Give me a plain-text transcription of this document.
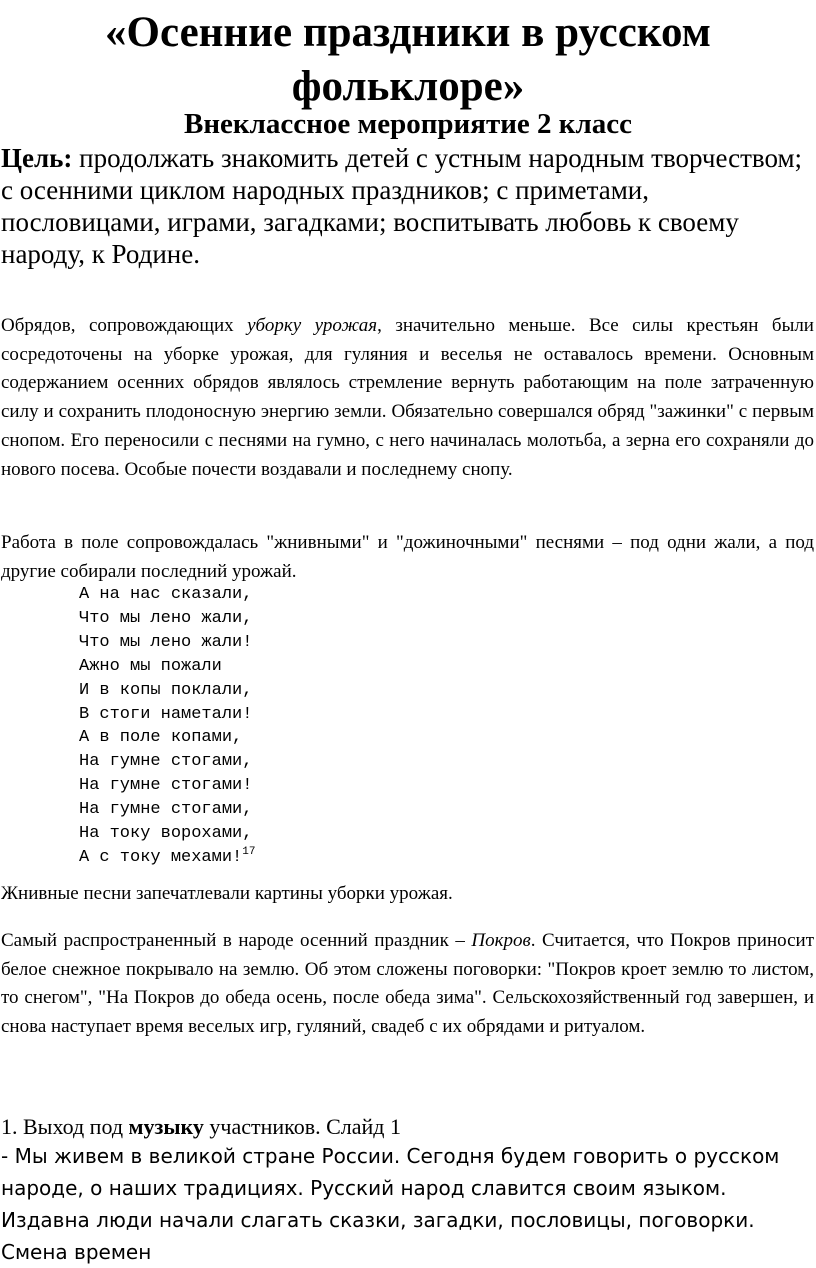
«Осенние праздники в русском фольклоре»
Внеклассное мероприятие 2 класс

Цель: продолжать знакомить детей с устным народным творчеством; с осенними циклом народных праздников; с приметами, пословицами, играми, загадками; воспитывать любовь к своему народу, к Родине.

Обрядов, сопровождающих уборку урожая, значительно меньше. Все силы крестьян были сосредоточены на уборке урожая, для гуляния и веселья не оставалось времени. Основным содержанием осенних обрядов являлось стремление вернуть работающим на поле затраченную силу и сохранить плодоносную энергию земли. Обязательно совершался обряд "зажинки" с первым снопом. Его переносили с песнями на гумно, с него начиналась молотьба, а зерна его сохраняли до нового посева. Особые почести воздавали и последнему снопу.

Работа в поле сопровождалась "жнивными" и "дожиночными" песнями – под одни жали, а под другие собирали последний урожай.

А на нас сказали,
Что мы лено жали,
Что мы лено жали!
Ажно мы пожали
И в копы поклали,
В стоги наметали!
А в поле копами,
На гумне стогами,
На гумне стогами!
На гумне стогами,
На току ворохами,
А с току мехами!$^{17}$

Жнивные песни запечатлевали картины уборки урожая.

Самый распространенный в народе осенний праздник – Покров. Считается, что Покров приносит белое снежное покрывало на землю. Об этом сложены поговорки: "Покров кроет землю то листом, то снегом", "На Покров до обеда осень, после обеда зима". Сельскохозяйственный год завершен, и снова наступает время веселых игр, гуляний, свадеб с их обрядами и ритуалом.

1. Выход под музыку участников. Слайд 1

- Мы живем в великой стране России. Сегодня будем говорить о русском народе, о наших традициях. Русский народ славится своим языком. Издавна люди начали слагать сказки, загадки, пословицы, поговорки. Смена времен
